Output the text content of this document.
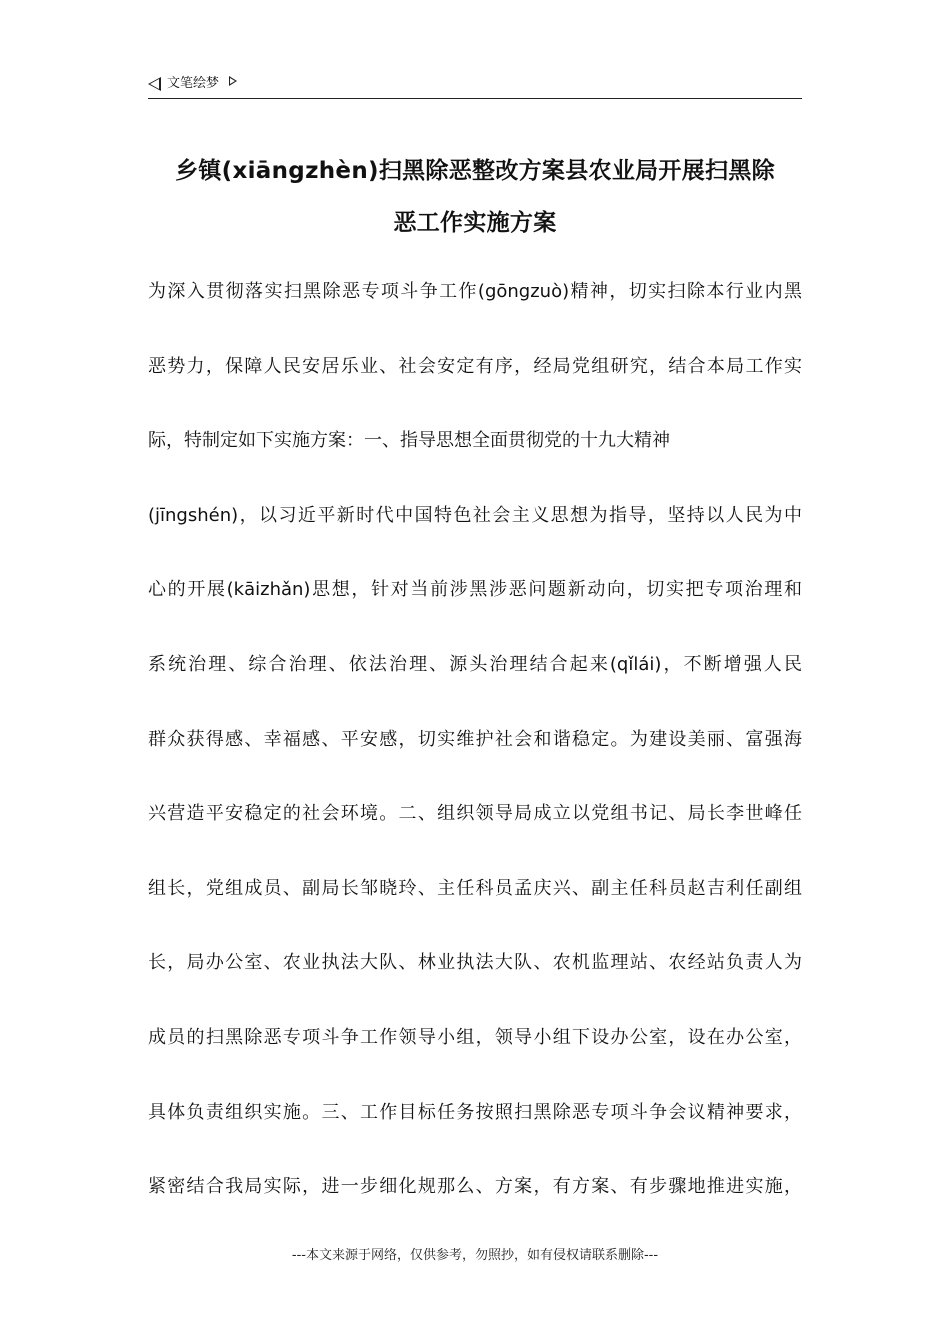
文笔绘梦
乡镇(xiāngzhèn)扫黑除恶整改方案县农业局开展扫黑除
恶工作实施方案
为深入贯彻落实扫黑除恶专项斗争工作(gōngzuò)精神，切实扫除本行业内黑
恶势力，保障人民安居乐业、社会安定有序，经局党组研究，结合本局工作实
际，特制定如下实施方案：一、指导思想全面贯彻党的十九大精神
(jīngshén)，以习近平新时代中国特色社会主义思想为指导，坚持以人民为中
心的开展(kāizhǎn)思想，针对当前涉黑涉恶问题新动向，切实把专项治理和
系统治理、综合治理、依法治理、源头治理结合起来(qǐlái)，不断增强人民
群众获得感、幸福感、平安感，切实维护社会和谐稳定。为建设美丽、富强海
兴营造平安稳定的社会环境。二、组织领导局成立以党组书记、局长李世峰任
组长，党组成员、副局长邹晓玲、主任科员孟庆兴、副主任科员赵吉利任副组
长，局办公室、农业执法大队、林业执法大队、农机监理站、农经站负责人为
成员的扫黑除恶专项斗争工作领导小组，领导小组下设办公室，设在办公室，
具体负责组织实施。三、工作目标任务按照扫黑除恶专项斗争会议精神要求，
紧密结合我局实际，进一步细化规那么、方案，有方案、有步骤地推进实施，
---本文来源于网络，仅供参考，勿照抄，如有侵权请联系删除---
